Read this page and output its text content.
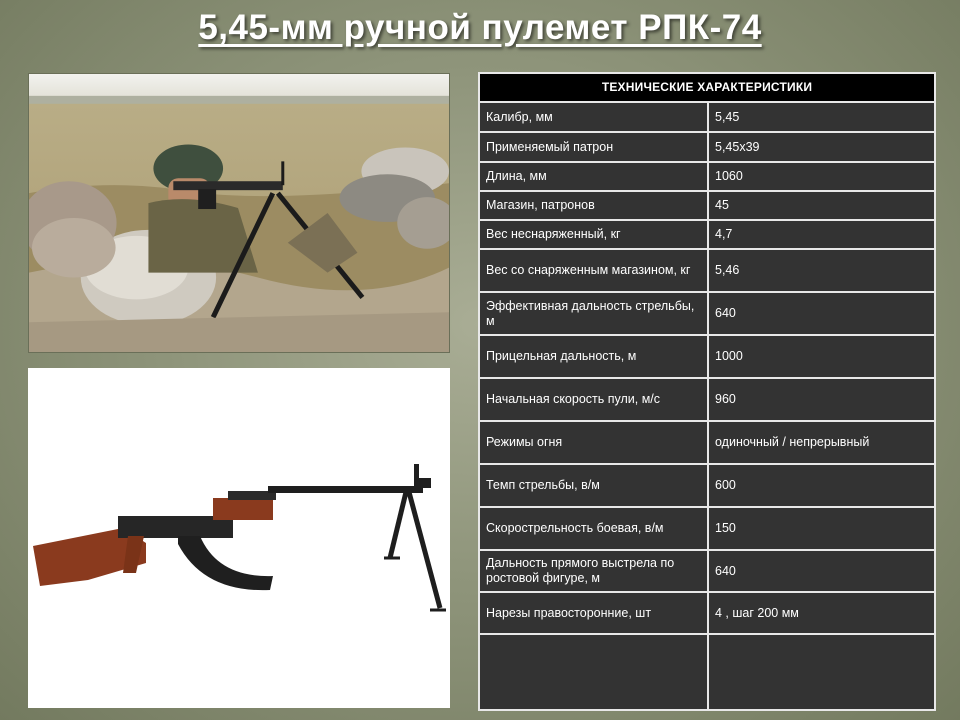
5,45-мм ручной пулемет РПК-74
ТЕХНИЧЕСКИЕ ХАРАКТЕРИСТИКИ	
Калибр, мм	5,45
Применяемый патрон	5,45х39
Длина, мм	1060
Магазин, патронов	45
Вес неснаряженный, кг	4,7
Вес со снаряженным магазином, кг	5,46
Эффективная дальность стрельбы, м	640
Прицельная дальность, м	1000
Начальная скорость пули, м/с	960
Режимы огня	одиночный / непрерывный
Темп стрельбы, в/м	600
Скорострельность боевая, в/м	150
Дальность прямого выстрела по ростовой фигуре, м	640
Нарезы правосторонние, шт	4 , шаг 200 мм
